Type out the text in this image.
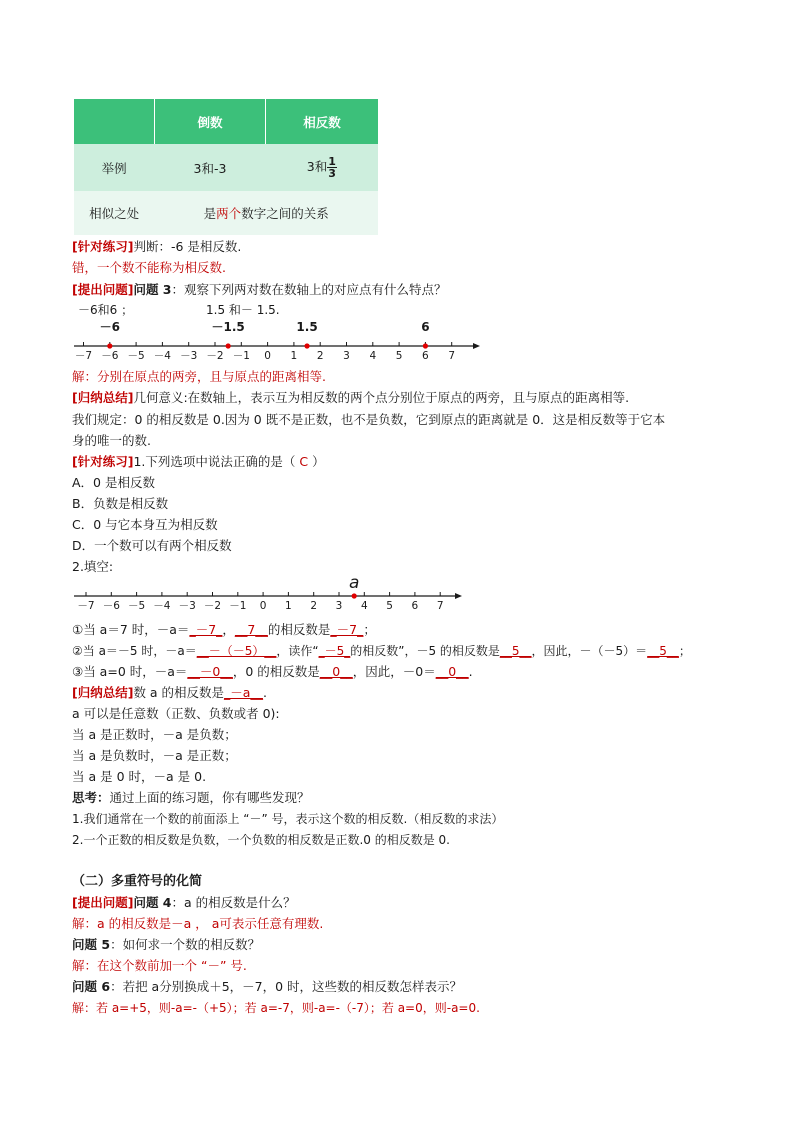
	倒数	相反数
举例	3和-3	3和 $\frac{1}{3}$

相似之处	是两个数字之间的关系	
[针对练习]判断：-6 是相反数.
错，一个数不能称为相反数.
[提出问题]问题 3：观察下列两对数在数轴上的对应点有什么特点？
－6和6 ；	1.5 和－ 1.5.
－6	－1.5	1.5	6
－7 －6 －5 －4 －3 －2 －1 0 1 2 3 4 5 6 7
解：分别在原点的两旁，且与原点的距离相等.
[归纳总结]几何意义:在数轴上，表示互为相反数的两个点分别位于原点的两旁，且与原点的距离相等.
我们规定：0 的相反数是 0.因为 0 既不是正数，也不是负数，它到原点的距离就是 0．这是相反数等于它本
身的唯一的数.
[针对练习]1.下列选项中说法正确的是（ C ）
A．0 是相反数
B．负数是相反数
C．0 与它本身互为相反数
D．一个数可以有两个相反数
2.填空:
a
－7 －6 －5 －4 －3 －2 －1 0 1 2 3 4 5 6 7
①当 a＝7 时，－a＝_－7_，__7__的相反数是_－7_；
②当 a＝－5 时，－a＝__－（－5）__，读作“_－5_的相反数”，－5 的相反数是__5__，因此，－（－5）＝__5__；
③当 a=0 时，－a＝__－0__，0 的相反数是__0__，因此，－0＝__0__.
[归纳总结]数 a 的相反数是_－a__.
a 可以是任意数（正数、负数或者 0):
当 a 是正数时，－a 是负数；
当 a 是负数时，－a 是正数；
当 a 是 0 时，－a 是 0.
思考：通过上面的练习题，你有哪些发现？
1.我们通常在一个数的前面添上 “－” 号，表示这个数的相反数.（相反数的求法）
2.一个正数的相反数是负数，一个负数的相反数是正数.0 的相反数是 0.
（二）多重符号的化简
[提出问题]问题 4：a 的相反数是什么？
解：a 的相反数是－a ， a可表示任意有理数.
问题 5：如何求一个数的相反数？
解：在这个数前加一个 “－” 号.
问题 6：若把 a分别换成＋5，－7，0 时，这些数的相反数怎样表示？
解：若 a=+5，则-a=-（+5）；若 a=-7，则-a=-（-7）；若 a=0，则-a=0.
